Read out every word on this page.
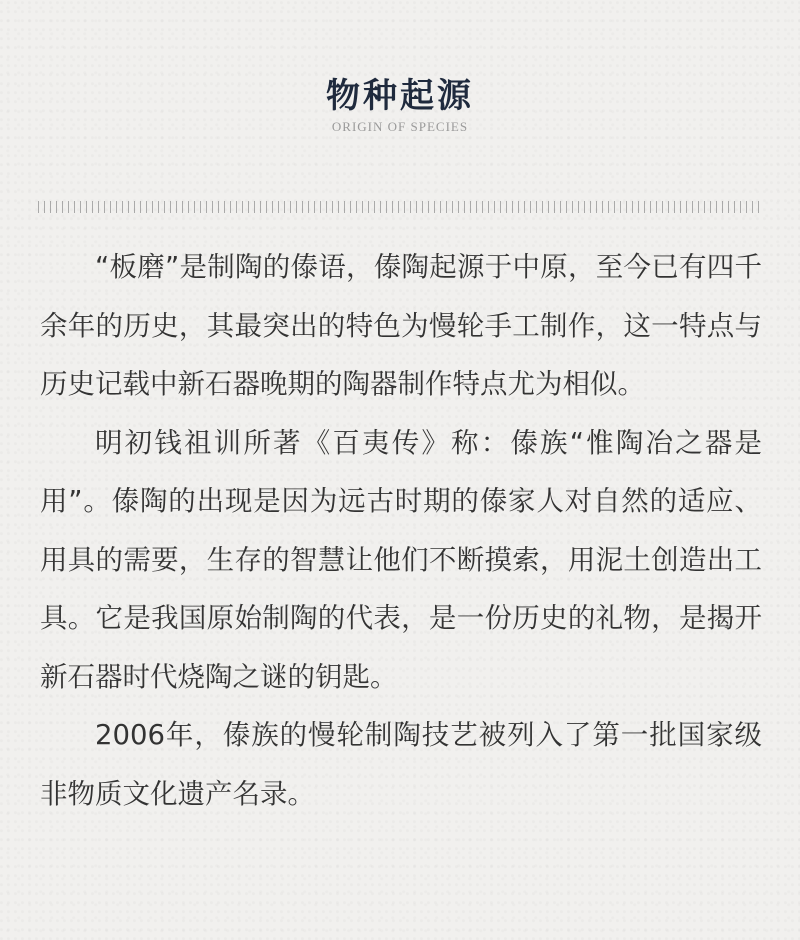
物种起源
ORIGIN OF SPECIES

“板磨”是制陶的傣语，傣陶起源于中原，至今已有四千余年的历史，其最突出的特色为慢轮手工制作，这一特点与历史记载中新石器晚期的陶器制作特点尤为相似。

明初钱祖训所著《百夷传》称：傣族“惟陶冶之器是用”。傣陶的出现是因为远古时期的傣家人对自然的适应、用具的需要，生存的智慧让他们不断摸索，用泥土创造出工具。它是我国原始制陶的代表，是一份历史的礼物，是揭开新石器时代烧陶之谜的钥匙。

2006年，傣族的慢轮制陶技艺被列入了第一批国家级非物质文化遗产名录。
